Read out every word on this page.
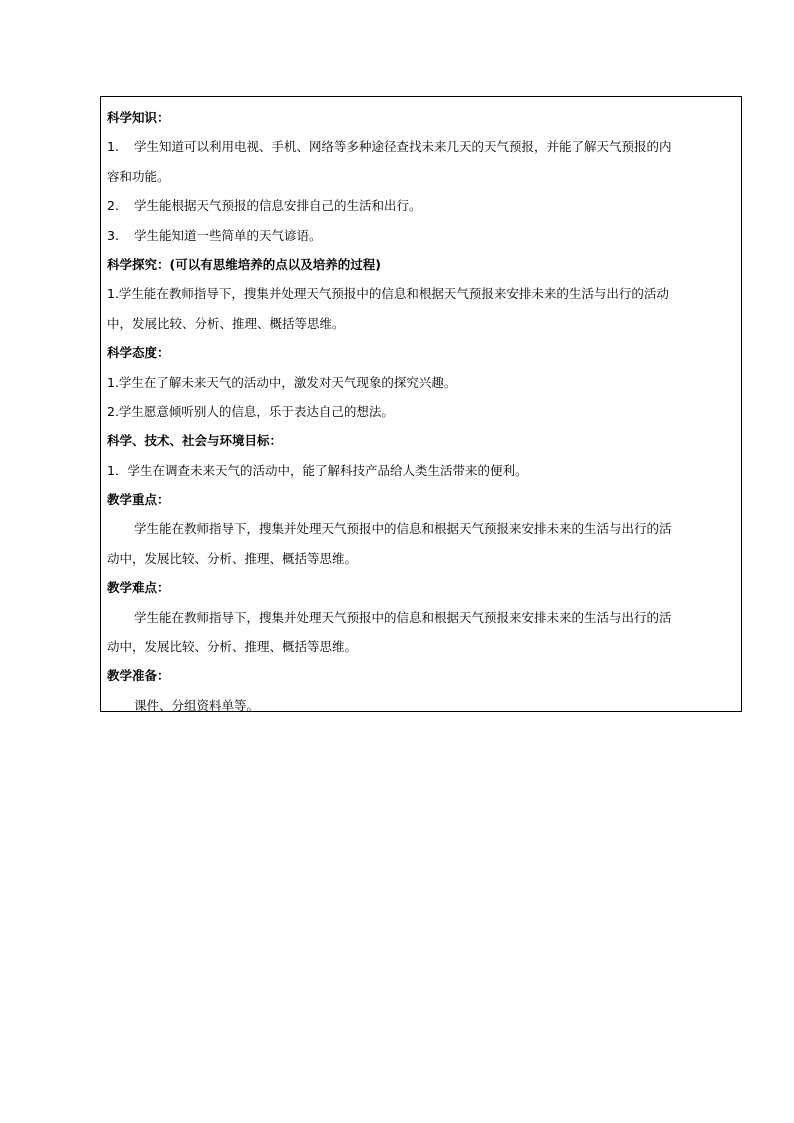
科学知识：
1. 学生知道可以利用电视、手机、网络等多种途径查找未来几天的天气预报，并能了解天气预报的内
容和功能。
2. 学生能根据天气预报的信息安排自己的生活和出行。
3. 学生能知道一些简单的天气谚语。
科学探究：(可以有思维培养的点以及培养的过程)
1.学生能在教师指导下，搜集并处理天气预报中的信息和根据天气预报来安排未来的生活与出行的活动
中，发展比较、分析、推理、概括等思维。
科学态度：
1.学生在了解未来天气的活动中，激发对天气现象的探究兴趣。
2.学生愿意倾听别人的信息，乐于表达自己的想法。
科学、技术、社会与环境目标：
1．学生在调查未来天气的活动中，能了解科技产品给人类生活带来的便利。
教学重点：
学生能在教师指导下，搜集并处理天气预报中的信息和根据天气预报来安排未来的生活与出行的活
动中，发展比较、分析、推理、概括等思维。
教学难点：
学生能在教师指导下，搜集并处理天气预报中的信息和根据天气预报来安排未来的生活与出行的活
动中，发展比较、分析、推理、概括等思维。
教学准备：
课件、分组资料单等。
